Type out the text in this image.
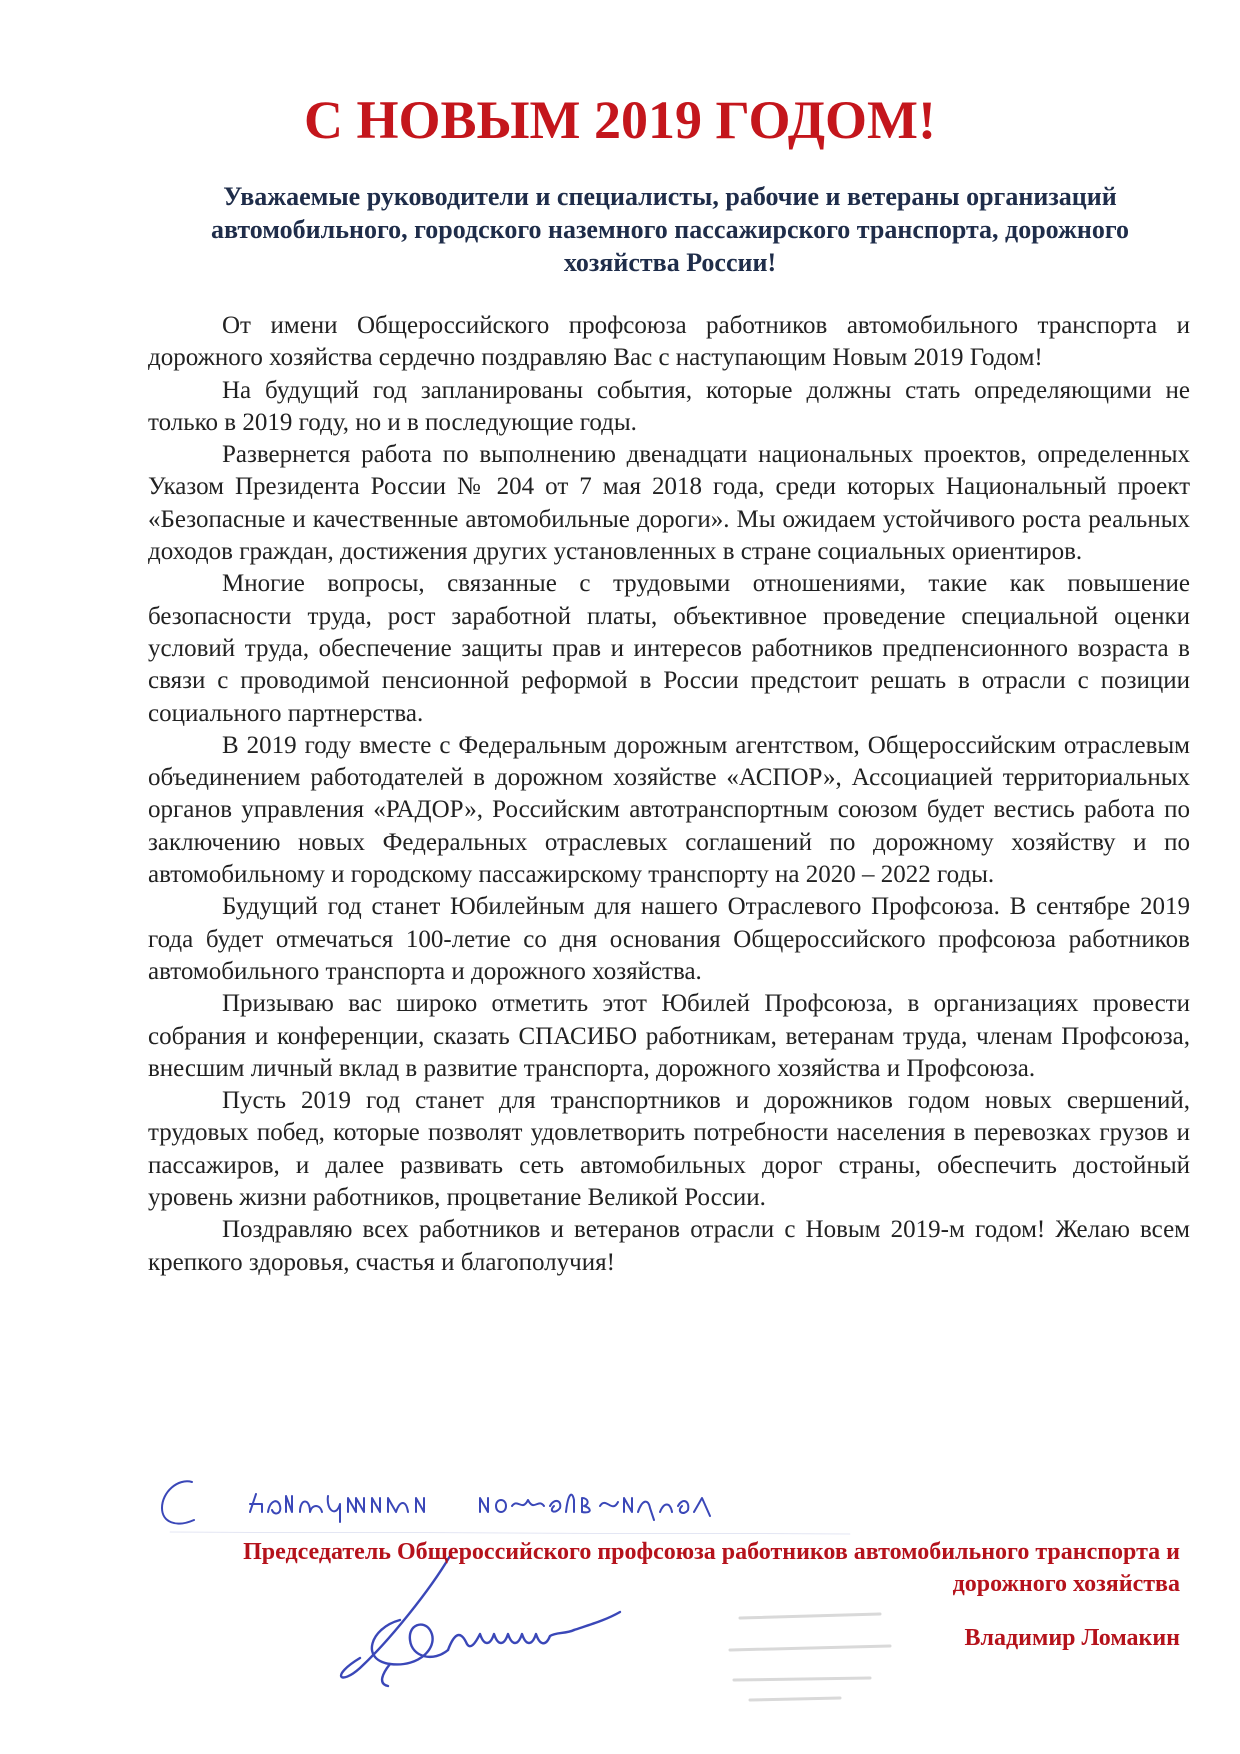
С НОВЫМ 2019 ГОДОМ!
Уважаемые руководители и специалисты, рабочие и ветераны организаций автомобильного, городского наземного пассажирского транспорта, дорожного хозяйства России!

От имени Общероссийского профсоюза работников автомобильного транспорта и дорожного хозяйства сердечно поздравляю Вас с наступающим Новым 2019 Годом!

На будущий год запланированы события, которые должны стать определяющими не только в 2019 году, но и в последующие годы.

Развернется работа по выполнению двенадцати национальных проектов, определенных Указом Президента России № 204 от 7 мая 2018 года, среди которых Национальный проект «Безопасные и качественные автомобильные дороги». Мы ожидаем устойчивого роста реальных доходов граждан, достижения других установленных в стране социальных ориентиров.

Многие вопросы, связанные с трудовыми отношениями, такие как повышение безопасности труда, рост заработной платы, объективное проведение специальной оценки условий труда, обеспечение защиты прав и интересов работников предпенсионного возраста в связи с проводимой пенсионной реформой в России предстоит решать в отрасли с позиции социального партнерства.

В 2019 году вместе с Федеральным дорожным агентством, Общероссийским отраслевым объединением работодателей в дорожном хозяйстве «АСПОР», Ассоциацией территориальных органов управления «РАДОР», Российским автотранспортным союзом будет вестись работа по заключению новых Федеральных отраслевых соглашений по дорожному хозяйству и по автомобильному и городскому пассажирскому транспорту на 2020 – 2022 годы.

Будущий год станет Юбилейным для нашего Отраслевого Профсоюза. В сентябре 2019 года будет отмечаться 100-летие со дня основания Общероссийского профсоюза работников автомобильного транспорта и дорожного хозяйства.

Призываю вас широко отметить этот Юбилей Профсоюза, в организациях провести собрания и конференции, сказать СПАСИБО работникам, ветеранам труда, членам Профсоюза, внесшим личный вклад в развитие транспорта, дорожного хозяйства и Профсоюза.

Пусть 2019 год станет для транспортников и дорожников годом новых свершений, трудовых побед, которые позволят удовлетворить потребности населения в перевозках грузов и пассажиров, и далее развивать сеть автомобильных дорог страны, обеспечить достойный уровень жизни работников, процветание Великой России.

Поздравляю всех работников и ветеранов отрасли с Новым 2019-м годом! Желаю всем крепкого здоровья, счастья и благополучия!

Председатель Общероссийского профсоюза работников автомобильного транспорта и дорожного хозяйства
Владимир Ломакин
